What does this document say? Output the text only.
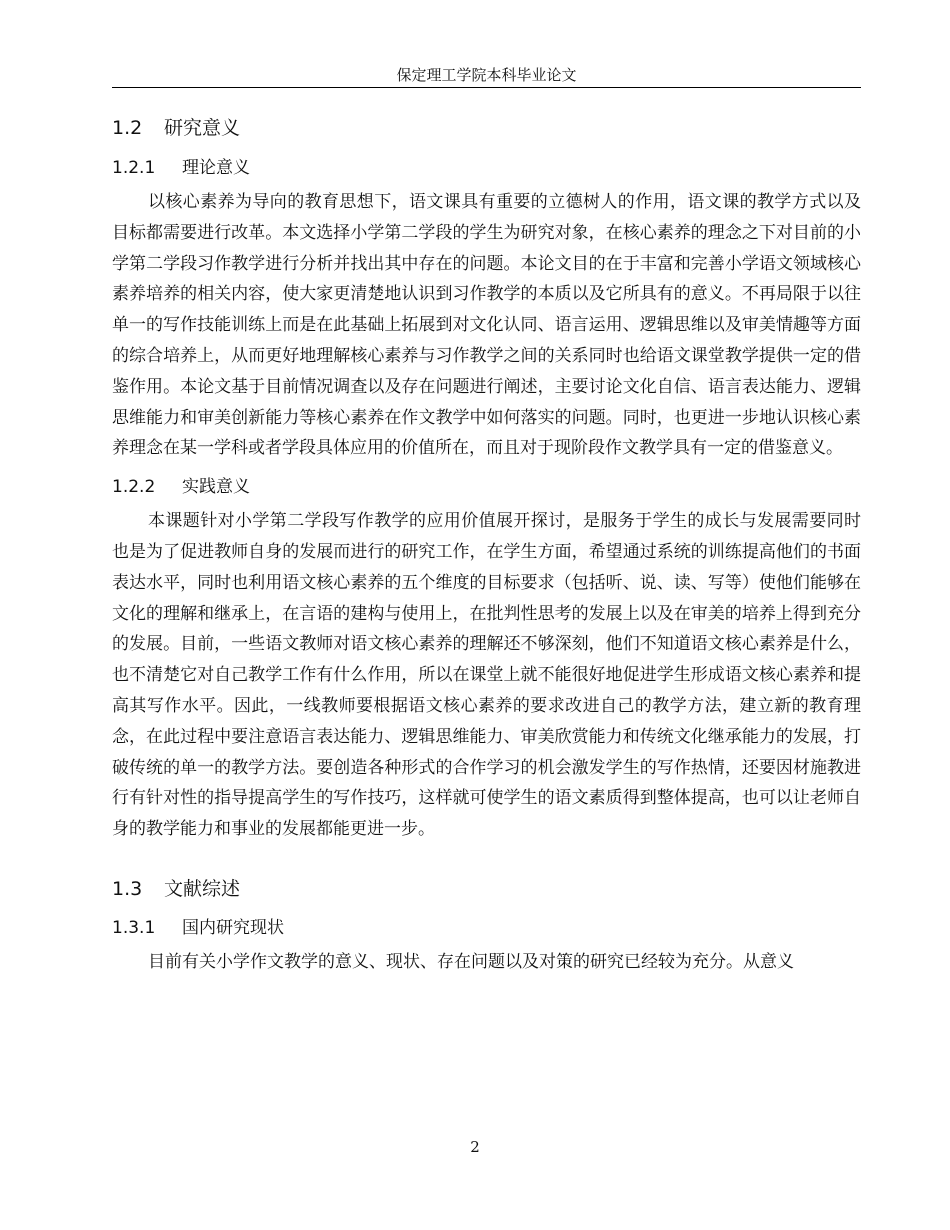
保定理工学院本科毕业论文
1.2 研究意义
1.2.1 理论意义

以核心素养为导向的教育思想下，语文课具有重要的立德树人的作用，语文课的教学方式以及目标都需要进行改革。本文选择小学第二学段的学生为研究对象，在核心素养的理念之下对目前的小学第二学段习作教学进行分析并找出其中存在的问题。本论文目的在于丰富和完善小学语文领域核心素养培养的相关内容，使大家更清楚地认识到习作教学的本质以及它所具有的意义。不再局限于以往单一的写作技能训练上而是在此基础上拓展到对文化认同、语言运用、逻辑思维以及审美情趣等方面的综合培养上，从而更好地理解核心素养与习作教学之间的关系同时也给语文课堂教学提供一定的借鉴作用。本论文基于目前情况调查以及存在问题进行阐述，主要讨论文化自信、语言表达能力、逻辑思维能力和审美创新能力等核心素养在作文教学中如何落实的问题。同时，也更进一步地认识核心素养理念在某一学科或者学段具体应用的价值所在，而且对于现阶段作文教学具有一定的借鉴意义。

1.2.2 实践意义

本课题针对小学第二学段写作教学的应用价值展开探讨，是服务于学生的成长与发展需要同时也是为了促进教师自身的发展而进行的研究工作，在学生方面，希望通过系统的训练提高他们的书面表达水平，同时也利用语文核心素养的五个维度的目标要求（包括听、说、读、写等）使他们能够在文化的理解和继承上，在言语的建构与使用上，在批判性思考的发展上以及在审美的培养上得到充分的发展。目前，一些语文教师对语文核心素养的理解还不够深刻，他们不知道语文核心素养是什么，也不清楚它对自己教学工作有什么作用，所以在课堂上就不能很好地促进学生形成语文核心素养和提高其写作水平。因此，一线教师要根据语文核心素养的要求改进自己的教学方法，建立新的教育理念，在此过程中要注意语言表达能力、逻辑思维能力、审美欣赏能力和传统文化继承能力的发展，打破传统的单一的教学方法。要创造各种形式的合作学习的机会激发学生的写作热情，还要因材施教进行有针对性的指导提高学生的写作技巧，这样就可使学生的语文素质得到整体提高，也可以让老师自身的教学能力和事业的发展都能更进一步。

1.3 文献综述
1.3.1 国内研究现状

目前有关小学作文教学的意义、现状、存在问题以及对策的研究已经较为充分。从意义

2
